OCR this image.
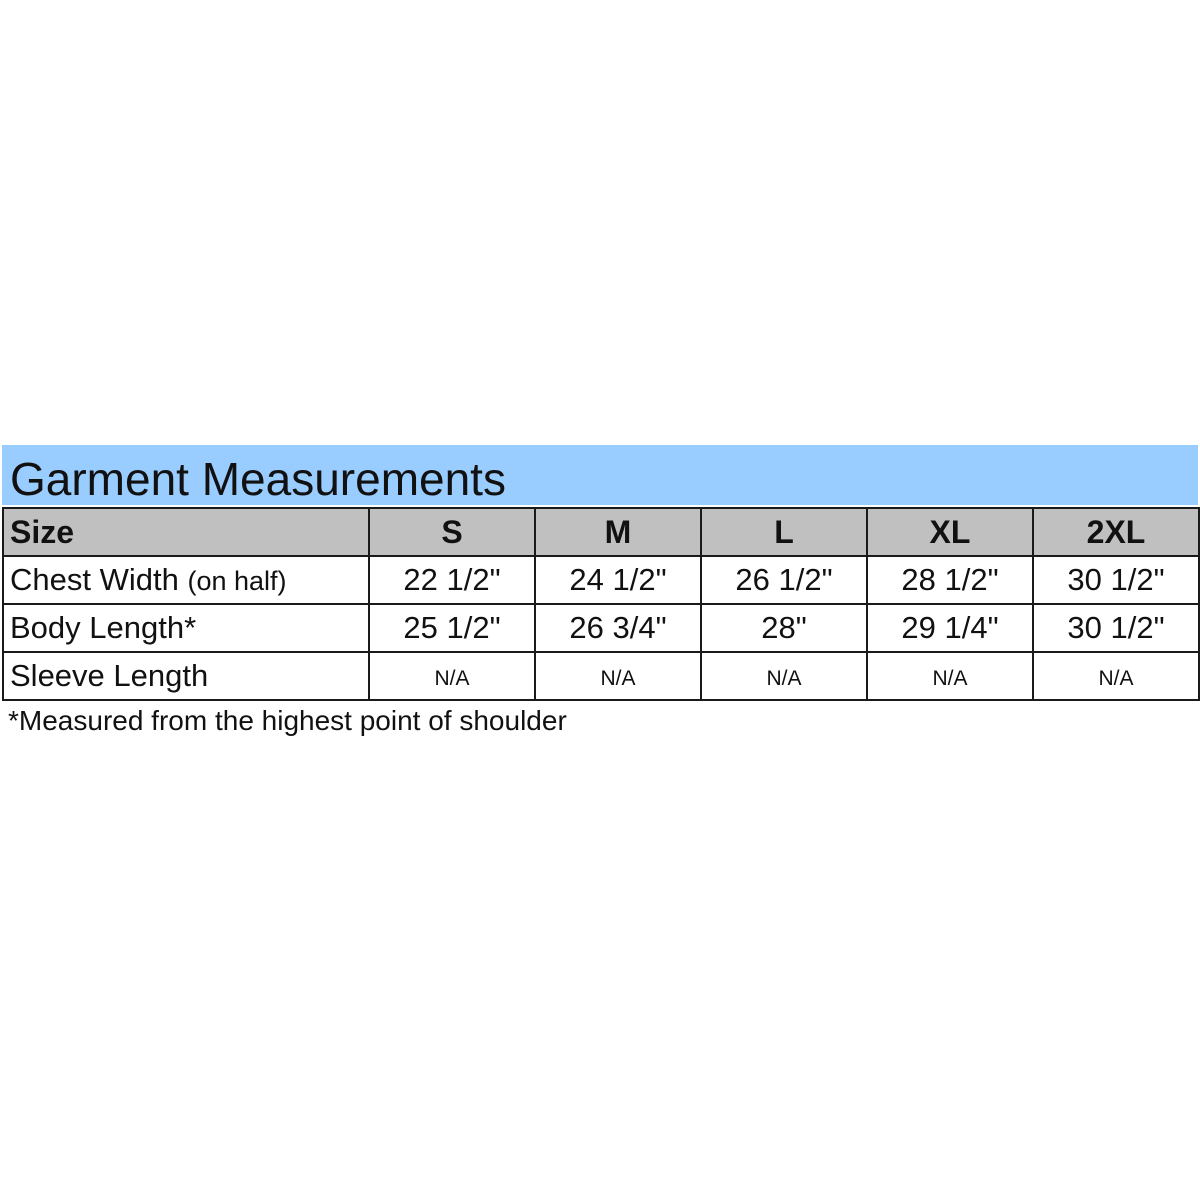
Garment Measurements
Size	S	M	L	XL	2XL
Chest Width (on half)	22 1/2"	24 1/2"	26 1/2"	28 1/2"	30 1/2"
Body Length*	25 1/2"	26 3/4"	28"	29 1/4"	30 1/2"
Sleeve Length	N/A	N/A	N/A	N/A	N/A
*Measured from the highest point of shoulder
